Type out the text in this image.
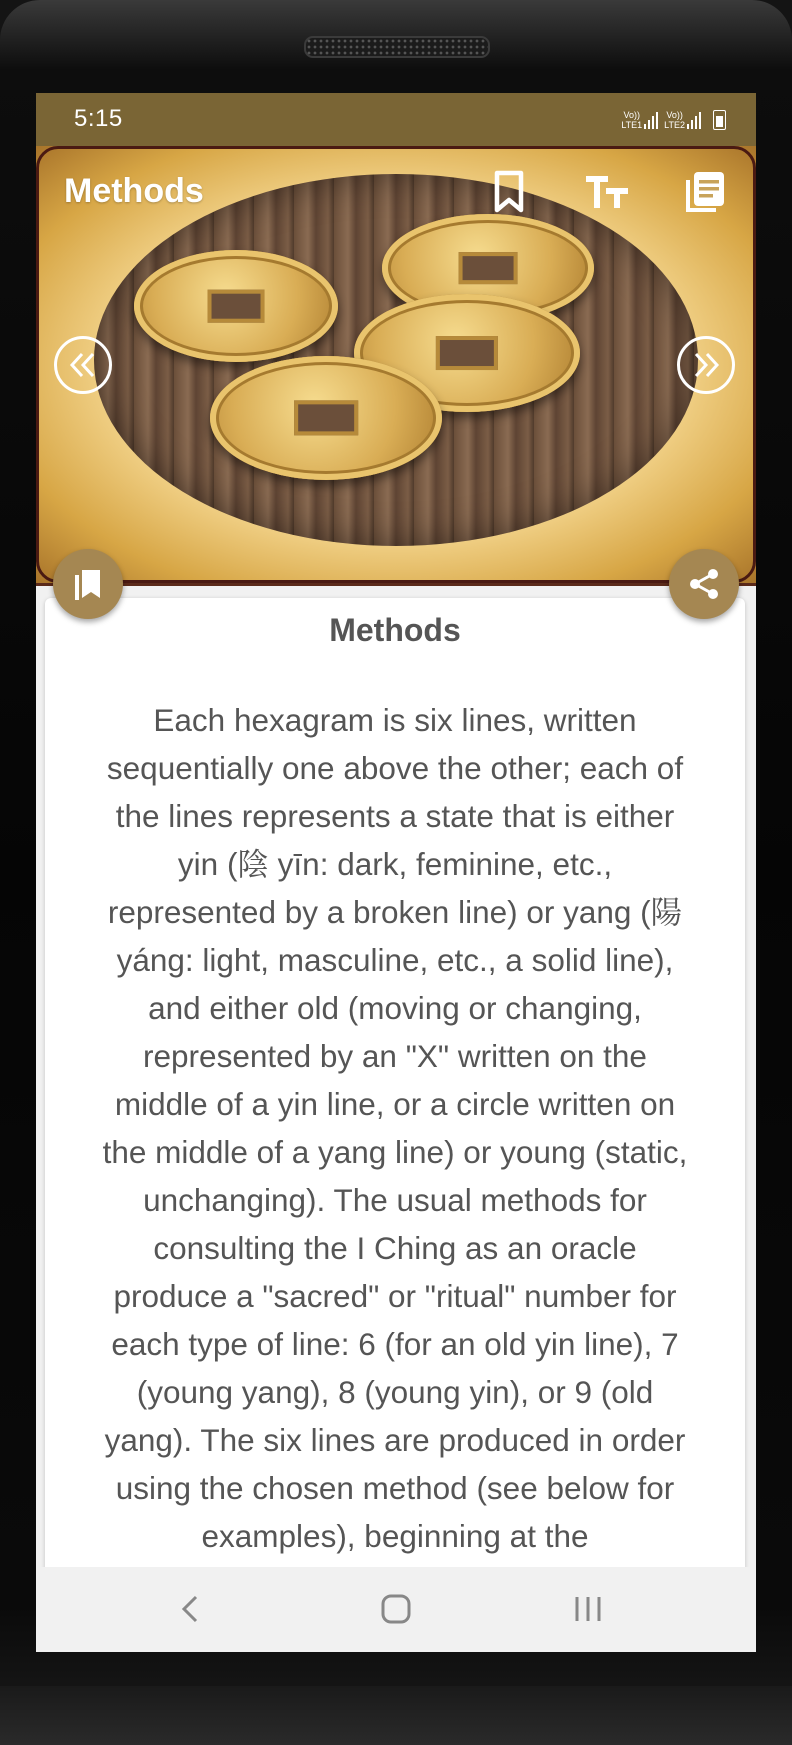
5:15	Vo))
LTE1
Vo))
LTE2
Methods
Methods
Each hexagram is six lines, written sequentially one above the other; each of the lines represents a state that is either yin (陰 yīn: dark, feminine, etc., represented by a broken line) or yang (陽 yáng: light, masculine, etc., a solid line), and either old (moving or changing, represented by an "X" written on the middle of a yin line, or a circle written on the middle of a yang line) or young (static, unchanging). The usual methods for consulting the I Ching as an oracle produce a "sacred" or "ritual" number for each type of line: 6 (for an old yin line), 7 (young yang), 8 (young yin), or 9 (old yang). The six lines are produced in order using the chosen method (see below for examples), beginning at the
